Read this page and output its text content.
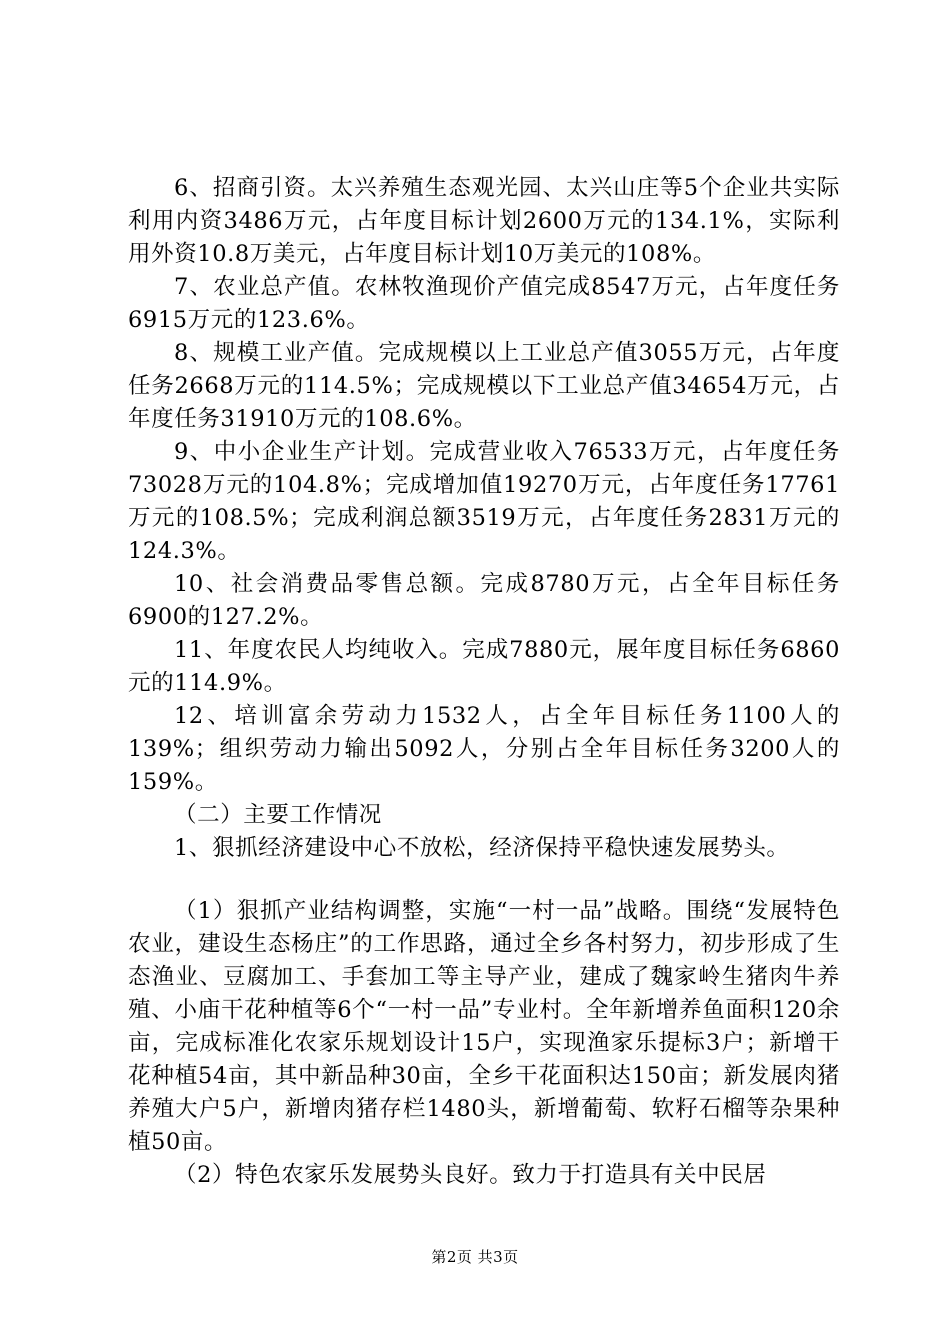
6、招商引资。太兴养殖生态观光园、太兴山庄等5个企业共实际利用内资3486万元，占年度目标计划2600万元的134.1%，实际利用外资10.8万美元，占年度目标计划10万美元的108%。

7、农业总产值。农林牧渔现价产值完成8547万元，占年度任务6915万元的123.6%。

8、规模工业产值。完成规模以上工业总产值3055万元，占年度任务2668万元的114.5%；完成规模以下工业总产值34654万元，占年度任务31910万元的108.6%。

9、中小企业生产计划。完成营业收入76533万元，占年度任务73028万元的104.8%；完成增加值19270万元，占年度任务17761万元的108.5%；完成利润总额3519万元，占年度任务2831万元的124.3%。

10、社会消费品零售总额。完成8780万元，占全年目标任务6900的127.2%。

11、年度农民人均纯收入。完成7880元，展年度目标任务6860元的114.9%。

12、培训富余劳动力1532人，占全年目标任务1100人的139%；组织劳动力输出5092人，分别占全年目标任务3200人的159%。

（二）主要工作情况

1、狠抓经济建设中心不放松，经济保持平稳快速发展势头。

（1）狠抓产业结构调整，实施“一村一品”战略。围绕“发展特色农业，建设生态杨庄”的工作思路，通过全乡各村努力，初步形成了生态渔业、豆腐加工、手套加工等主导产业，建成了魏家岭生猪肉牛养殖、小庙干花种植等6个“一村一品”专业村。全年新增养鱼面积120余亩，完成标准化农家乐规划设计15户，实现渔家乐提标3户；新增干花种植54亩，其中新品种30亩，全乡干花面积达150亩；新发展肉猪养殖大户5户，新增肉猪存栏1480头，新增葡萄、软籽石榴等杂果种植50亩。

（2）特色农家乐发展势头良好。致力于打造具有关中民居

第2页 共3页
